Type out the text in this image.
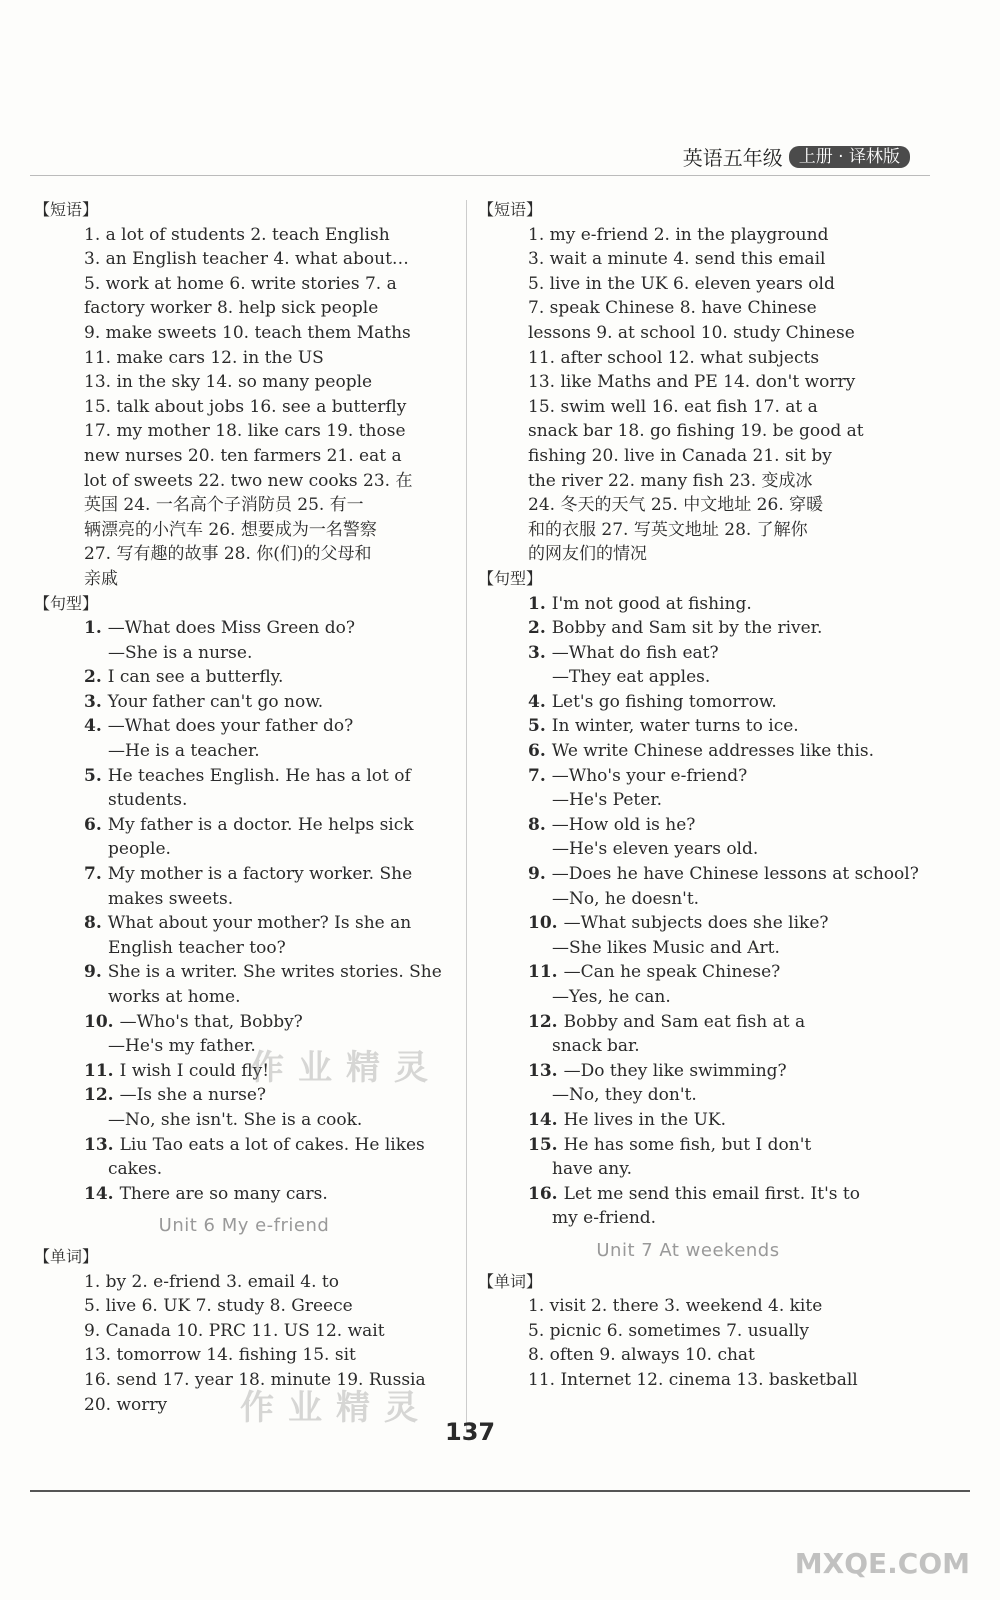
英语五年级 上册 · 译林版
【短语】
1. a lot of students 2. teach English
3. an English teacher 4. what about…
5. work at home 6. write stories 7. a
factory worker 8. help sick people
9. make sweets 10. teach them Maths
11. make cars 12. in the US
13. in the sky 14. so many people
15. talk about jobs 16. see a butterfly
17. my mother 18. like cars 19. those
new nurses 20. ten farmers 21. eat a
lot of sweets 22. two new cooks 23. 在
英国 24. 一名高个子消防员 25. 有一
辆漂亮的小汽车 26. 想要成为一名警察
27. 写有趣的故事 28. 你(们)的父母和
亲戚
【句型】
1. —What does Miss Green do?
—She is a nurse.
2. I can see a butterfly.
3. Your father can't go now.
4. —What does your father do?
—He is a teacher.
5. He teaches English. He has a lot of
students.
6. My father is a doctor. He helps sick
people.
7. My mother is a factory worker. She
makes sweets.
8. What about your mother? Is she an
English teacher too?
9. She is a writer. She writes stories. She
works at home.
10. —Who's that, Bobby?
—He's my father.
11. I wish I could fly!
12. —Is she a nurse?
—No, she isn't. She is a cook.
13. Liu Tao eats a lot of cakes. He likes
cakes.
14. There are so many cars.
Unit 6 My e-friend
【单词】
1. by 2. e-friend 3. email 4. to
5. live 6. UK 7. study 8. Greece
9. Canada 10. PRC 11. US 12. wait
13. tomorrow 14. fishing 15. sit
16. send 17. year 18. minute 19. Russia
20. worry
【短语】
1. my e-friend 2. in the playground
3. wait a minute 4. send this email
5. live in the UK 6. eleven years old
7. speak Chinese 8. have Chinese
lessons 9. at school 10. study Chinese
11. after school 12. what subjects
13. like Maths and PE 14. don't worry
15. swim well 16. eat fish 17. at a
snack bar 18. go fishing 19. be good at
fishing 20. live in Canada 21. sit by
the river 22. many fish 23. 变成冰
24. 冬天的天气 25. 中文地址 26. 穿暖
和的衣服 27. 写英文地址 28. 了解你
的网友们的情况
【句型】
1. I'm not good at fishing.
2. Bobby and Sam sit by the river.
3. —What do fish eat?
—They eat apples.
4. Let's go fishing tomorrow.
5. In winter, water turns to ice.
6. We write Chinese addresses like this.
7. —Who's your e-friend?
—He's Peter.
8. —How old is he?
—He's eleven years old.
9. —Does he have Chinese lessons at school?
—No, he doesn't.
10. —What subjects does she like?
—She likes Music and Art.
11. —Can he speak Chinese?
—Yes, he can.
12. Bobby and Sam eat fish at a
snack bar.
13. —Do they like swimming?
—No, they don't.
14. He lives in the UK.
15. He has some fish, but I don't
have any.
16. Let me send this email first. It's to
my e-friend.
Unit 7 At weekends
【单词】
1. visit 2. there 3. weekend 4. kite
5. picnic 6. sometimes 7. usually
8. often 9. always 10. chat
11. Internet 12. cinema 13. basketball
作业精灵
作业精灵
137
MXQE.COM
